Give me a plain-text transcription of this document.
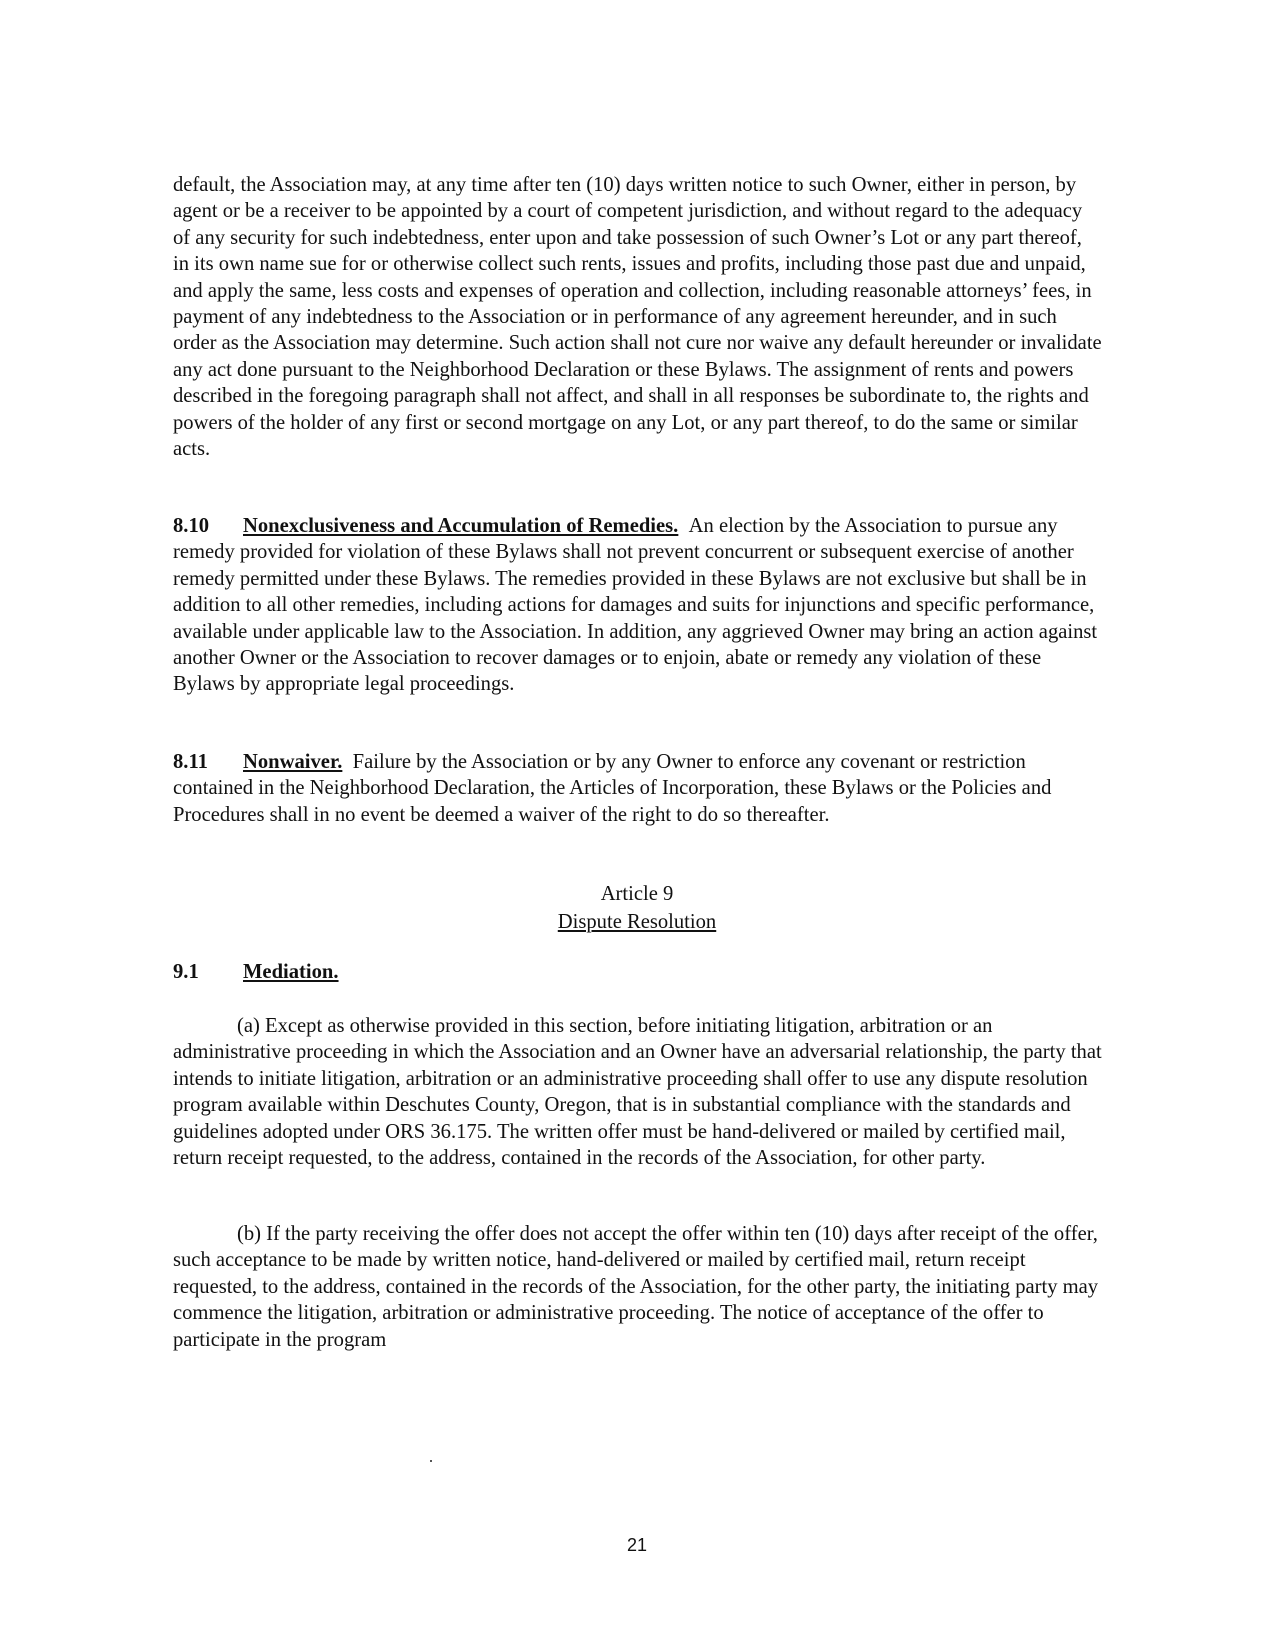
default, the Association may, at any time after ten (10) days written notice to such Owner, either in person, by agent or be a receiver to be appointed by a court of competent jurisdiction, and without regard to the adequacy of any security for such indebtedness, enter upon and take possession of such Owner’s Lot or any part thereof, in its own name sue for or otherwise collect such rents, issues and profits, including those past due and unpaid, and apply the same, less costs and expenses of operation and collection, including reasonable attorneys’ fees, in payment of any indebtedness to the Association or in performance of any agreement hereunder, and in such order as the Association may determine. Such action shall not cure nor waive any default hereunder or invalidate any act done pursuant to the Neighborhood Declaration or these Bylaws. The assignment of rents and powers described in the foregoing paragraph shall not affect, and shall in all responses be subordinate to, the rights and powers of the holder of any first or second mortgage on any Lot, or any part thereof, to do the same or similar acts.

8.10 Nonexclusiveness and Accumulation of Remedies. An election by the Association to pursue any remedy provided for violation of these Bylaws shall not prevent concurrent or subsequent exercise of another remedy permitted under these Bylaws. The remedies provided in these Bylaws are not exclusive but shall be in addition to all other remedies, including actions for damages and suits for injunctions and specific performance, available under applicable law to the Association. In addition, any aggrieved Owner may bring an action against another Owner or the Association to recover damages or to enjoin, abate or remedy any violation of these Bylaws by appropriate legal proceedings.

8.11 Nonwaiver. Failure by the Association or by any Owner to enforce any covenant or restriction contained in the Neighborhood Declaration, the Articles of Incorporation, these Bylaws or the Policies and Procedures shall in no event be deemed a waiver of the right to do so thereafter.

Article 9
Dispute Resolution

9.1 Mediation.

(a) Except as otherwise provided in this section, before initiating litigation, arbitration or an administrative proceeding in which the Association and an Owner have an adversarial relationship, the party that intends to initiate litigation, arbitration or an administrative proceeding shall offer to use any dispute resolution program available within Deschutes County, Oregon, that is in substantial compliance with the standards and guidelines adopted under ORS 36.175. The written offer must be hand-delivered or mailed by certified mail, return receipt requested, to the address, contained in the records of the Association, for other party.

(b) If the party receiving the offer does not accept the offer within ten (10) days after receipt of the offer, such acceptance to be made by written notice, hand-delivered or mailed by certified mail, return receipt requested, to the address, contained in the records of the Association, for the other party, the initiating party may commence the litigation, arbitration or administrative proceeding. The notice of acceptance of the offer to participate in the program

21
